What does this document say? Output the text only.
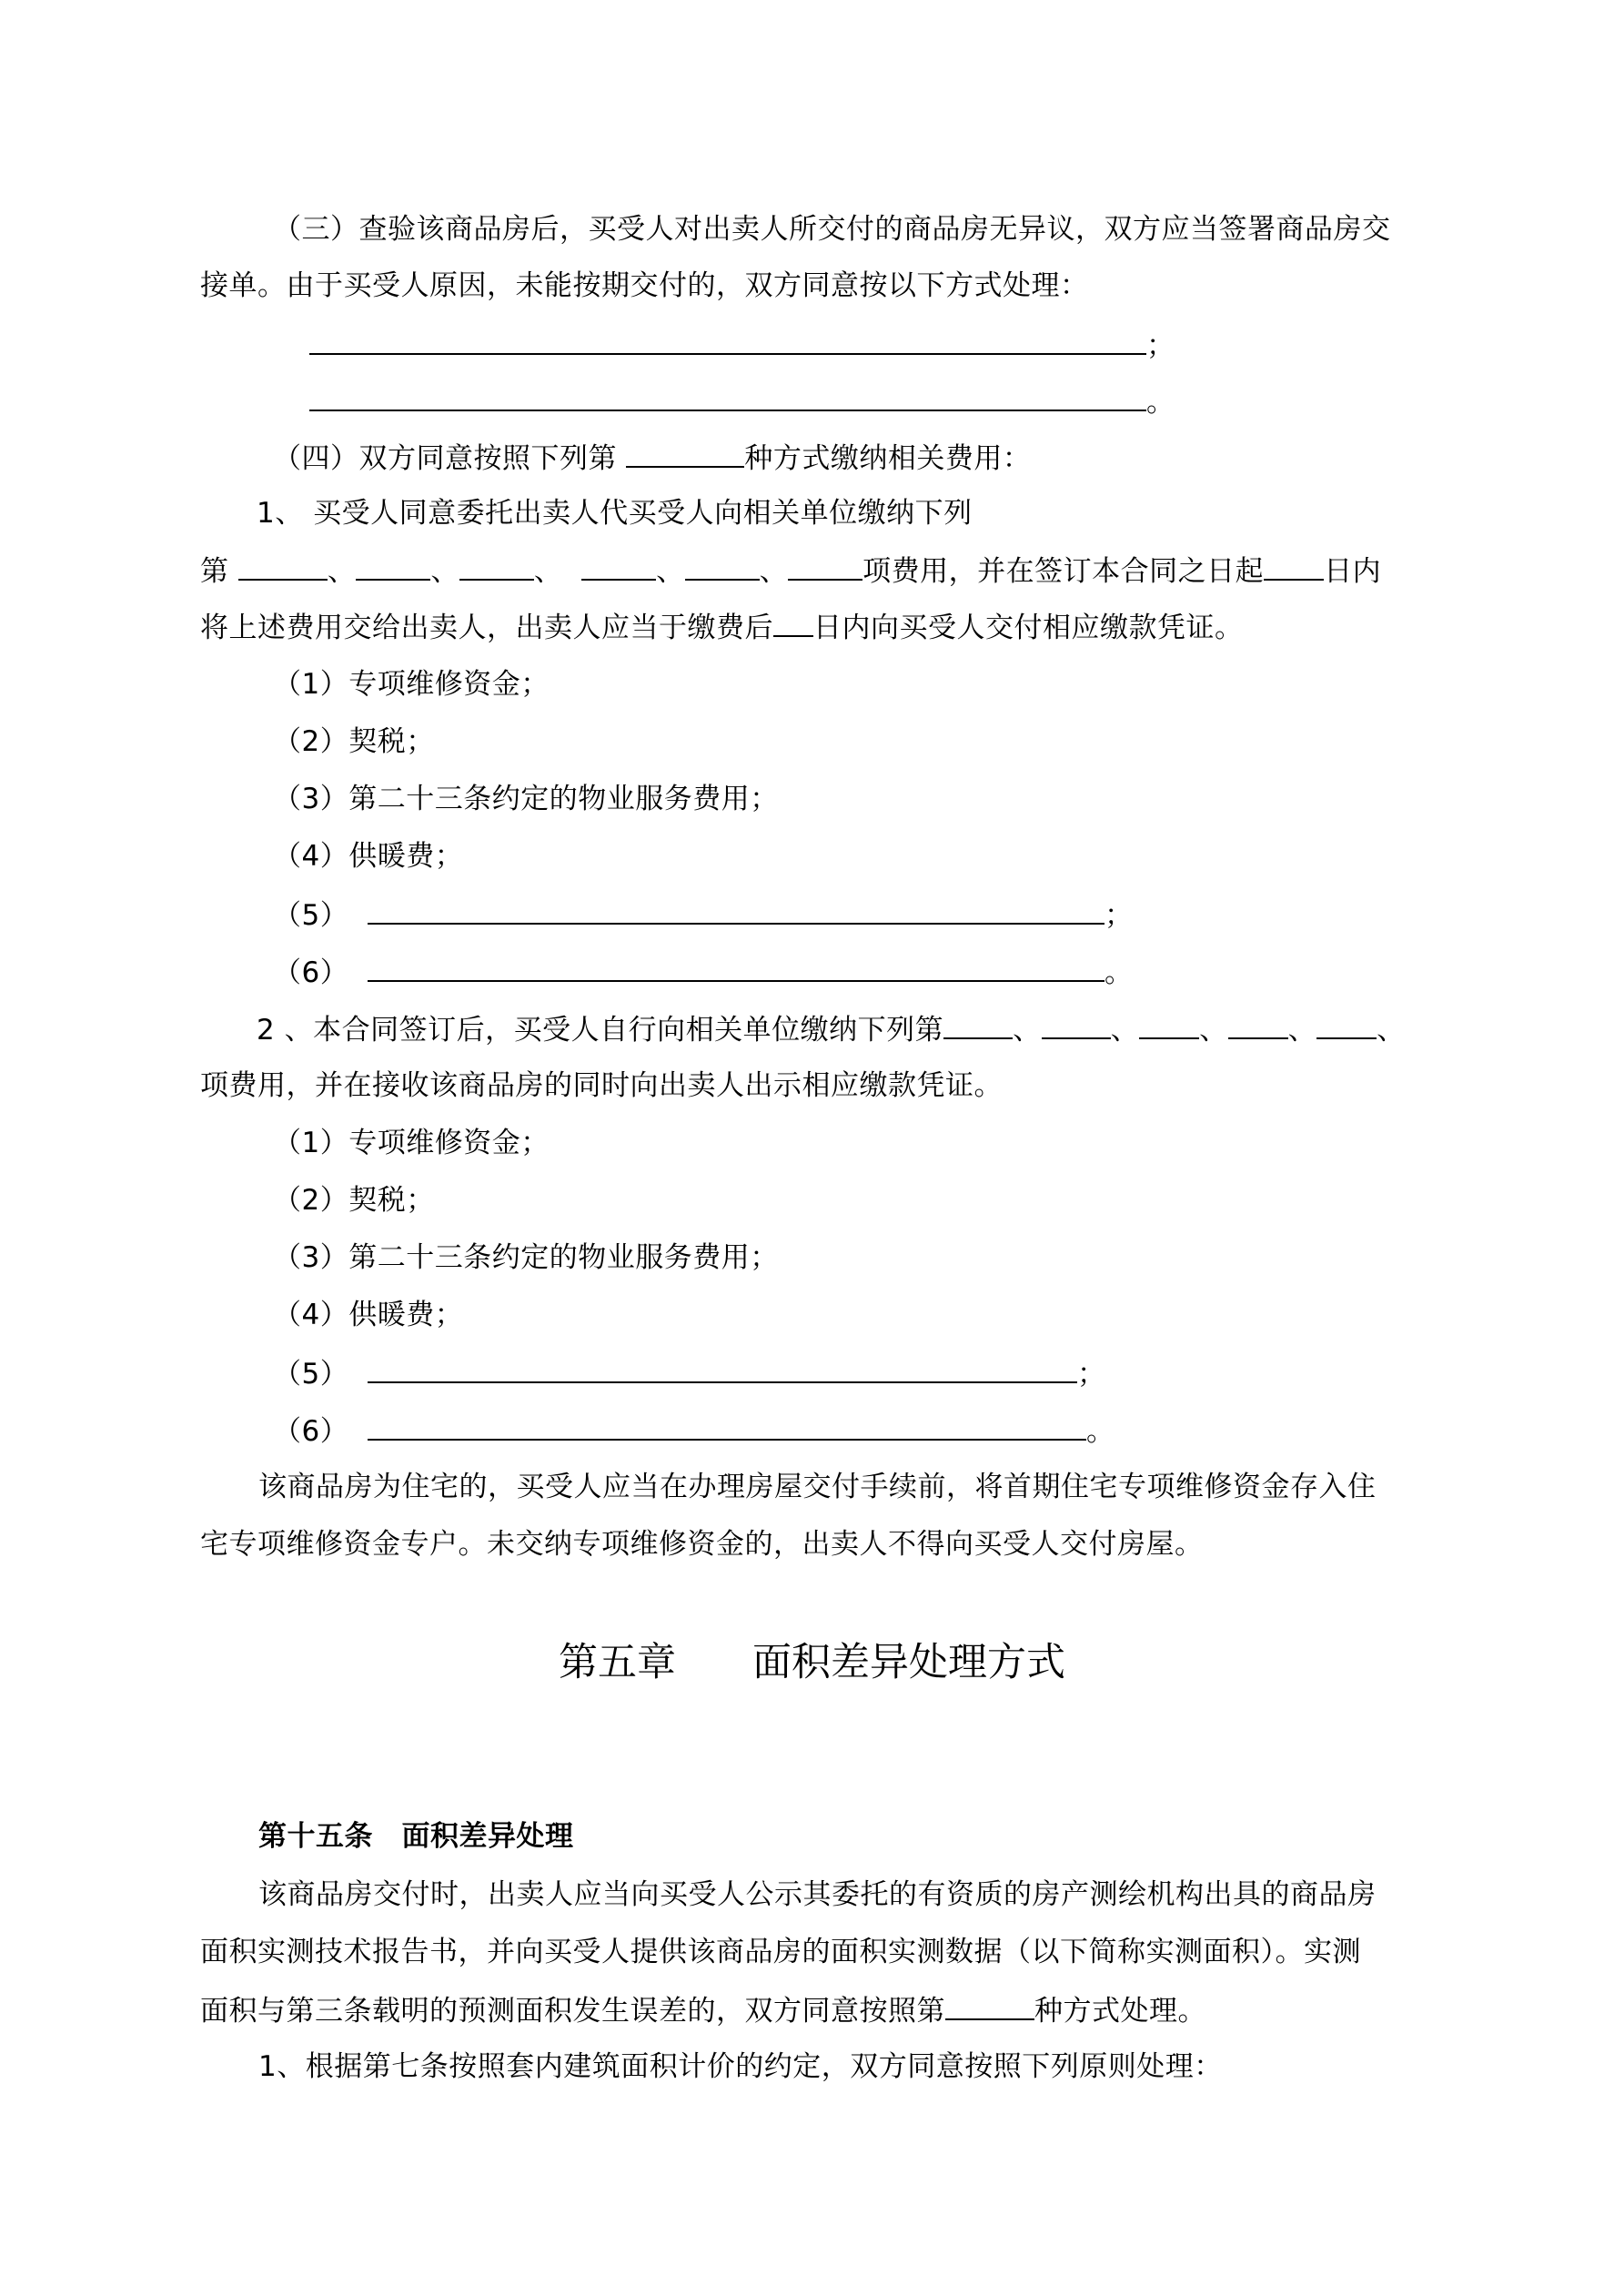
（三）查验该商品房后，买受人对出卖人所交付的商品房无异议，双方应当签署商品房交
接单。由于买受人原因，未能按期交付的，双方同意按以下方式处理：
；
。
（四）双方同意按照下列第	种方式缴纳相关费用：
1、 买受人同意委托出卖人代买受人向相关单位缴纳下列
第	、	、	、	、	、	项费用，并在签订本合同之日起 日内
将上述费用交给出卖人，出卖人应当于缴费后 日内向买受人交付相应缴款凭证。
（1）专项维修资金；
（2）契税；
（3）第二十三条约定的物业服务费用；
（4）供暖费；
（5）	；
（6）	。
2 、本合同签订后，买受人自行向相关单位缴纳下列第 、 、 、 、 、
项费用，并在接收该商品房的同时向出卖人出示相应缴款凭证。
（1）专项维修资金；
（2）契税；
（3）第二十三条约定的物业服务费用；
（4）供暖费；
（5）	；
（6）	。
该商品房为住宅的，买受人应当在办理房屋交付手续前，将首期住宅专项维修资金存入住
宅专项维修资金专户。未交纳专项维修资金的，出卖人不得向买受人交付房屋。
第五章 面积差异处理方式
第十五条　面积差异处理
该商品房交付时，出卖人应当向买受人公示其委托的有资质的房产测绘机构出具的商品房
面积实测技术报告书，并向买受人提供该商品房的面积实测数据（以下简称实测面积）。实测
面积与第三条载明的预测面积发生误差的，双方同意按照第	种方式处理。
1、根据第七条按照套内建筑面积计价的约定，双方同意按照下列原则处理：
